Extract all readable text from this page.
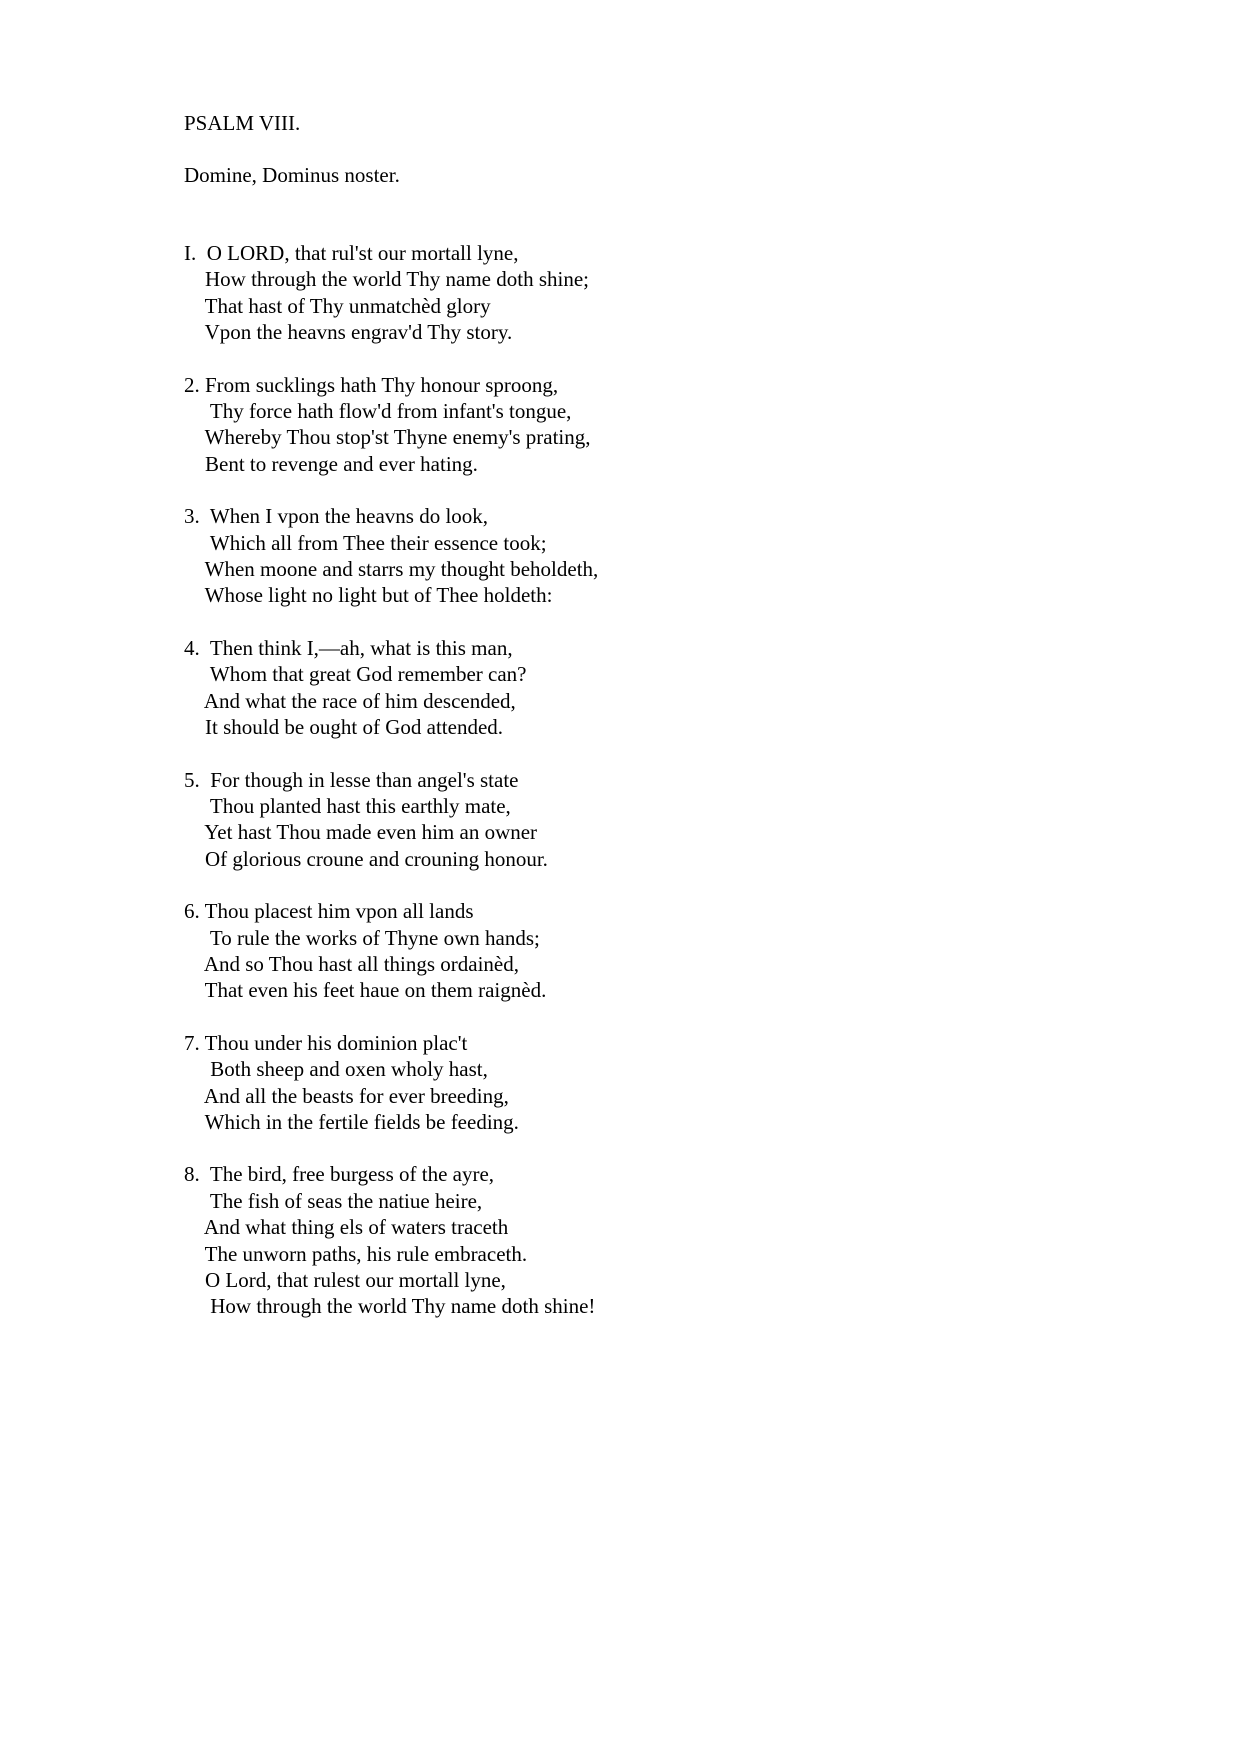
PSALM VIII.

Domine, Dominus noster.

I.  O LORD, that rul'st our mortall lyne,
How through the world Thy name doth shine;
That hast of Thy unmatchèd glory
Vpon the heavns engrav'd Thy story.
2. From sucklings hath Thy honour sproong,
Thy force hath flow'd from infant's tongue,
Whereby Thou stop'st Thyne enemy's prating,
Bent to revenge and ever hating.
3.  When I vpon the heavns do look,
Which all from Thee their essence took;
When moone and starrs my thought beholdeth,
Whose light no light but of Thee holdeth:
4.  Then think I,—ah, what is this man,
Whom that great God remember can?
And what the race of him descended,
It should be ought of God attended.
5.  For though in lesse than angel's state
Thou planted hast this earthly mate,
Yet hast Thou made even him an owner
Of glorious croune and crouning honour.
6. Thou placest him vpon all lands
To rule the works of Thyne own hands;
And so Thou hast all things ordainèd,
That even his feet haue on them raignèd.
7. Thou under his dominion plac't
Both sheep and oxen wholy hast,
And all the beasts for ever breeding,
Which in the fertile fields be feeding.
8.  The bird, free burgess of the ayre,
The fish of seas the natiue heire,
And what thing els of waters traceth
The unworn paths, his rule embraceth.
O Lord, that rulest our mortall lyne,
How through the world Thy name doth shine!
